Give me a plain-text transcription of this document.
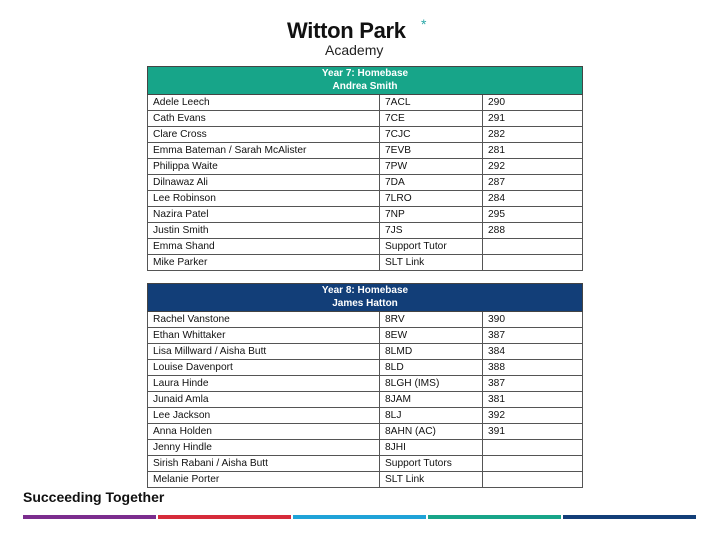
Witton Park *
Academy
Year 7: Homebase
Andrea Smith		

Adele Leech	7ACL	290
Cath Evans	7CE	291
Clare Cross	7CJC	282
Emma Bateman / Sarah McAlister	7EVB	281
Philippa Waite	7PW	292
Dilnawaz Ali	7DA	287
Lee Robinson	7LRO	284
Nazira Patel	7NP	295
Justin Smith	7JS	288
Emma Shand	Support Tutor	
Mike Parker	SLT Link	
Year 8: Homebase
James Hatton		

Rachel Vanstone	8RV	390
Ethan Whittaker	8EW	387
Lisa Millward / Aisha Butt	8LMD	384
Louise Davenport	8LD	388
Laura Hinde	8LGH (IMS)	387
Junaid Amla	8JAM	381
Lee Jackson	8LJ	392
Anna Holden	8AHN (AC)	391
Jenny Hindle	8JHI	
Sirish Rabani / Aisha Butt	Support Tutors	
Melanie Porter	SLT Link	
Succeeding Together
